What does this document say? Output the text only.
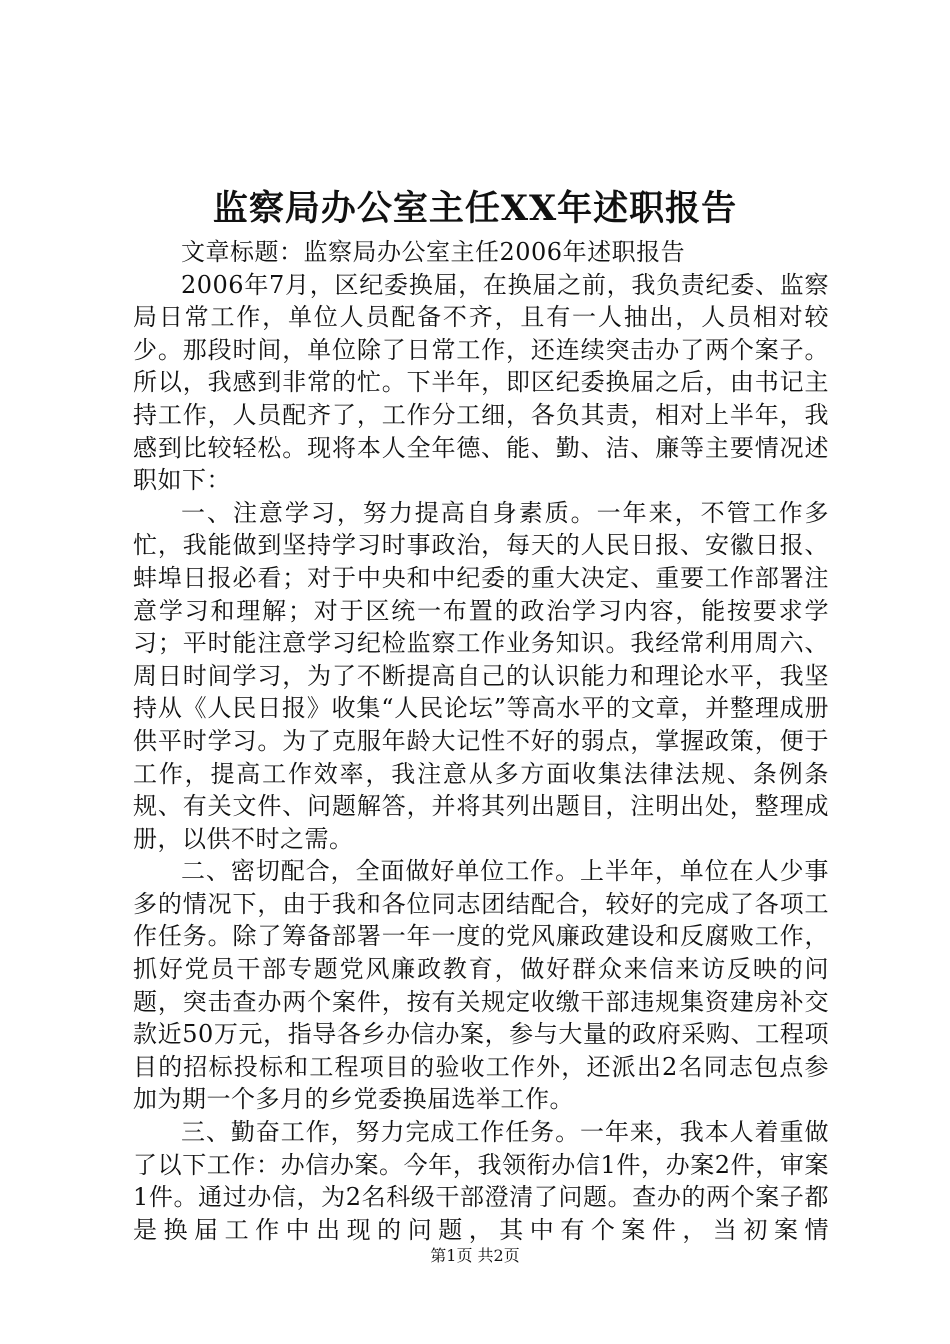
监察局办公室主任XX年述职报告

文章标题：监察局办公室主任2006年述职报告

2006年7月，区纪委换届，在换届之前，我负责纪委、监察局日常工作，单位人员配备不齐，且有一人抽出，人员相对较少。那段时间，单位除了日常工作，还连续突击办了两个案子。所以，我感到非常的忙。下半年，即区纪委换届之后，由书记主持工作，人员配齐了，工作分工细，各负其责，相对上半年，我感到比较轻松。现将本人全年德、能、勤、洁、廉等主要情况述职如下：

一、注意学习，努力提高自身素质。一年来，不管工作多忙，我能做到坚持学习时事政治，每天的人民日报、安徽日报、蚌埠日报必看；对于中央和中纪委的重大决定、重要工作部署注意学习和理解；对于区统一布置的政治学习内容，能按要求学习；平时能注意学习纪检监察工作业务知识。我经常利用周六、周日时间学习，为了不断提高自己的认识能力和理论水平，我坚持从《人民日报》收集“人民论坛”等高水平的文章，并整理成册供平时学习。为了克服年龄大记性不好的弱点，掌握政策，便于工作，提高工作效率，我注意从多方面收集法律法规、条例条规、有关文件、问题解答，并将其列出题目，注明出处，整理成册，以供不时之需。

二、密切配合，全面做好单位工作。上半年，单位在人少事多的情况下，由于我和各位同志团结配合，较好的完成了各项工作任务。除了筹备部署一年一度的党风廉政建设和反腐败工作，抓好党员干部专题党风廉政教育，做好群众来信来访反映的问题，突击查办两个案件，按有关规定收缴干部违规集资建房补交款近50万元，指导各乡办信办案，参与大量的政府采购、工程项目的招标投标和工程项目的验收工作外，还派出2名同志包点参加为期一个多月的乡党委换届选举工作。

三、勤奋工作，努力完成工作任务。一年来，我本人着重做了以下工作：办信办案。今年，我领衔办信1件，办案2件，审案1件。通过办信，为2名科级干部澄清了问题。查办的两个案子都是换届工作中出现的问题，其中有个案件，当初案情

第1页 共2页
